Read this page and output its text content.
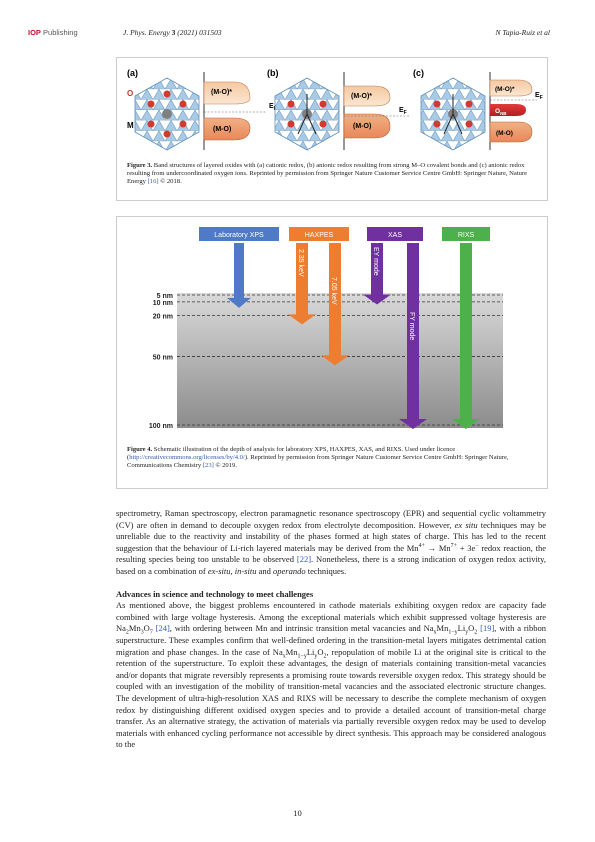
IOP Publishing	J. Phys. Energy 3 (2021) 031503	N Tapia-Ruiz et al
(a)
O
M
(M-O)*
(M-O)
E
(b)
(M-O)*
(M-O)
$E_F$
(c)
(M-O)*
$O_{NB}$
(M-O)
$E_F$
Figure 3. Band structures of layered oxides with (a) cationic redox, (b) anionic redox resulting from strong M–O covalent bonds and (c) anionic redox resulting from undercoordinated oxygen ions. Reprinted by permission from Springer Nature Customer Service Centre GmbH: Springer Nature, Nature Energy [16] © 2018.
5 nm
10 nm
20 nm
50 nm
100 nm
Laboratory XPS	HAXPES	XAS	RIXS
2.35 keV
7.05 keV
EY mode
FY mode
Figure 4. Schematic illustration of the depth of analysis for laboratory XPS, HAXPES, XAS, and RIXS. Used under licence (http://creativecommons.org/licenses/by/4.0/). Reprinted by permission from Springer Nature Customer Service Centre GmbH: Springer Nature, Communications Chemistry [23] © 2019.

spectrometry, Raman spectroscopy, electron paramagnetic resonance spectroscopy (EPR) and sequential cyclic voltammetry (CV) are often in demand to decouple oxygen redox from electrolyte decomposition. However, ex situ techniques may be unreliable due to the reactivity and instability of the phases formed at high states of charge. This has led to the recent suggestion that the behaviour of Li-rich layered materials may be derived from the $Mn^{4+} \to Mn^{7+} + 3e^-$ redox reaction, the resulting species being too unstable to be observed [22]. Nonetheless, there is a strong indication of oxygen redox activity, based on a combination of ex-situ, in-situ and operando techniques.

Advances in science and technology to meet challenges

As mentioned above, the biggest problems encountered in cathode materials exhibiting oxygen redox are capacity fade combined with large voltage hysteresis. Among the exceptional materials which exhibit suppressed voltage hysteresis are $Na_2Mn_3O_7$ [24], with ordering between Mn and intrinsic transition metal vacancies and $Na_xMn_{1-y}Li_yO_2$ [19], with a ribbon superstructure. These examples confirm that well-defined ordering in the transition-metal layers mitigates detrimental cation migration and phase changes. In the case of $Na_xMn_{1-y}Li_yO_2$, repopulation of mobile Li at the original site is critical to the retention of the superstructure. To exploit these advantages, the design of materials containing transition-metal vacancies and/or dopants that migrate reversibly represents a promising route towards reversible oxygen redox. This strategy should be coupled with an investigation of the mobility of transition-metal vacancies and the associated electronic structure changes. The development of ultra-high-resolution XAS and RIXS will be necessary to describe the complete mechanism of oxygen redox by distinguishing different oxidised oxygen species and to provide a detailed account of transition-metal charge transfer. As an alternative strategy, the activation of materials via partially reversible oxygen redox may be used to develop materials with enhanced cycling performance not accessible by direct synthesis. This approach may be considered analogous to the

10
